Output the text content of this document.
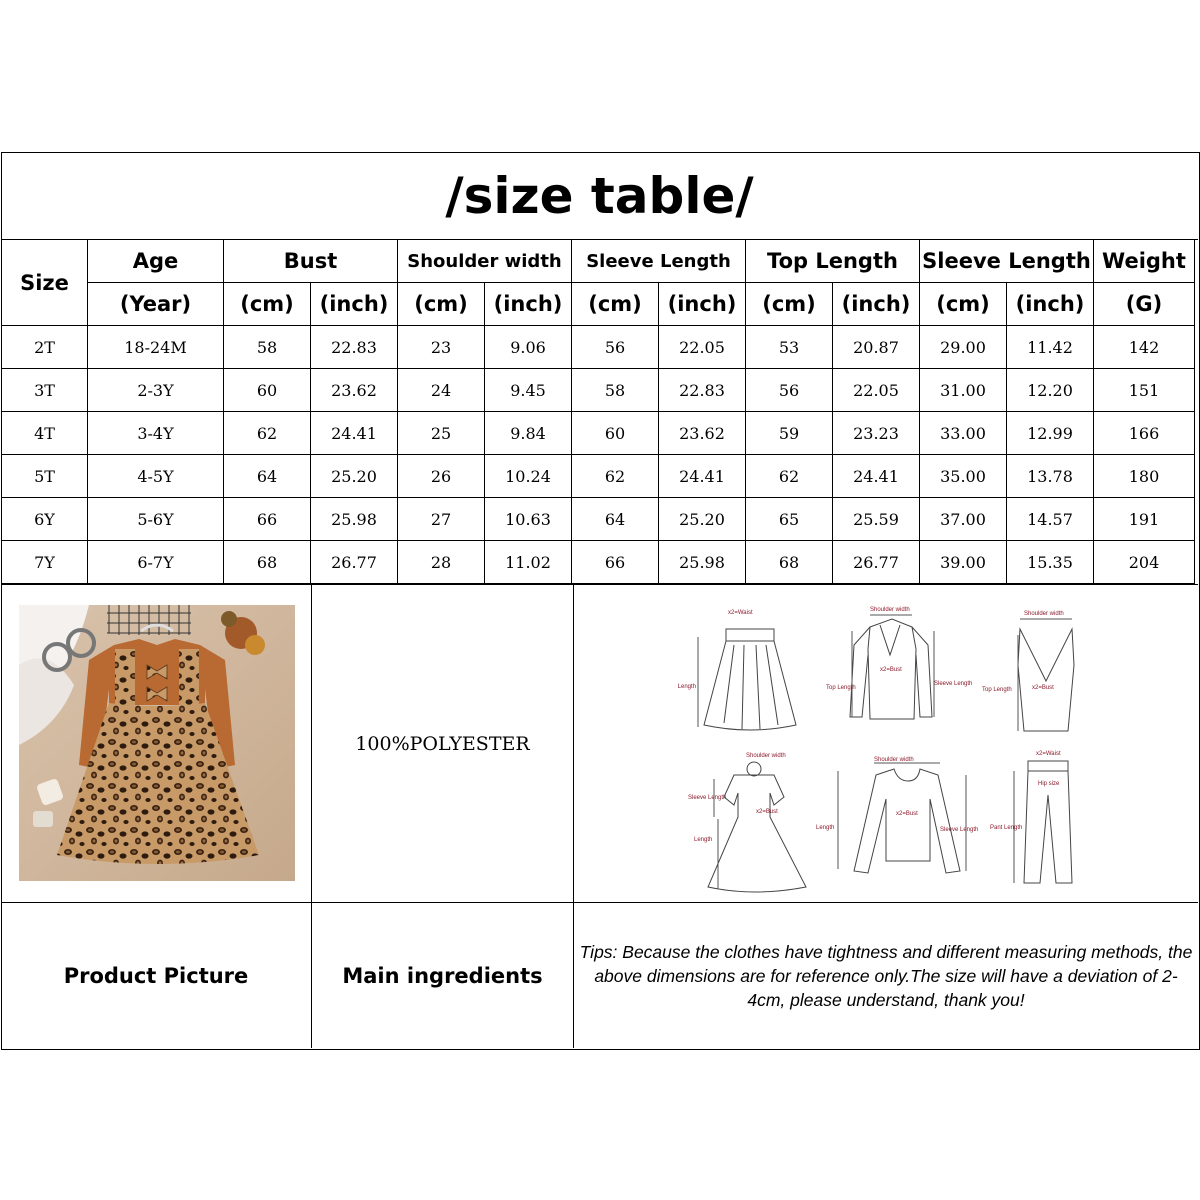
/size table/
Size	Age	Bust		Shoulder width		Sleeve Length		Top Length		Sleeve Length		Weight
	(Year)	(cm)	(inch)	(cm)	(inch)	(cm)	(inch)	(cm)	(inch)	(cm)	(inch)	(G)
2T	18-24M	58	22.83	23	9.06	56	22.05	53	20.87	29.00	11.42	142
3T	2-3Y	60	23.62	24	9.45	58	22.83	56	22.05	31.00	12.20	151
4T	3-4Y	62	24.41	25	9.84	60	23.62	59	23.23	33.00	12.99	166
5T	4-5Y	64	25.20	26	10.24	62	24.41	62	24.41	35.00	13.78	180
6Y	5-6Y	66	25.98	27	10.63	64	25.20	65	25.59	37.00	14.57	191
7Y	6-7Y	68	26.77	28	11.02	66	25.98	68	26.77	39.00	15.35	204
100%POLYESTER
x2=Waist
Length
Shoulder width
Top Length
x2=Bust
Sleeve Length
Shoulder width
Top Length	x2=Bust
Shoulder width
Sleeve Length
x2=Bust
Length
Shoulder width
Length
x2=Bust
Sleeve Length
x2=Waist
Hip size
Pant Length
Product Picture	Main ingredients
Tips: Because the clothes have tightness and different measuring methods, the above dimensions are for reference only.The size will have a deviation of 2-4cm, please understand, thank you!
